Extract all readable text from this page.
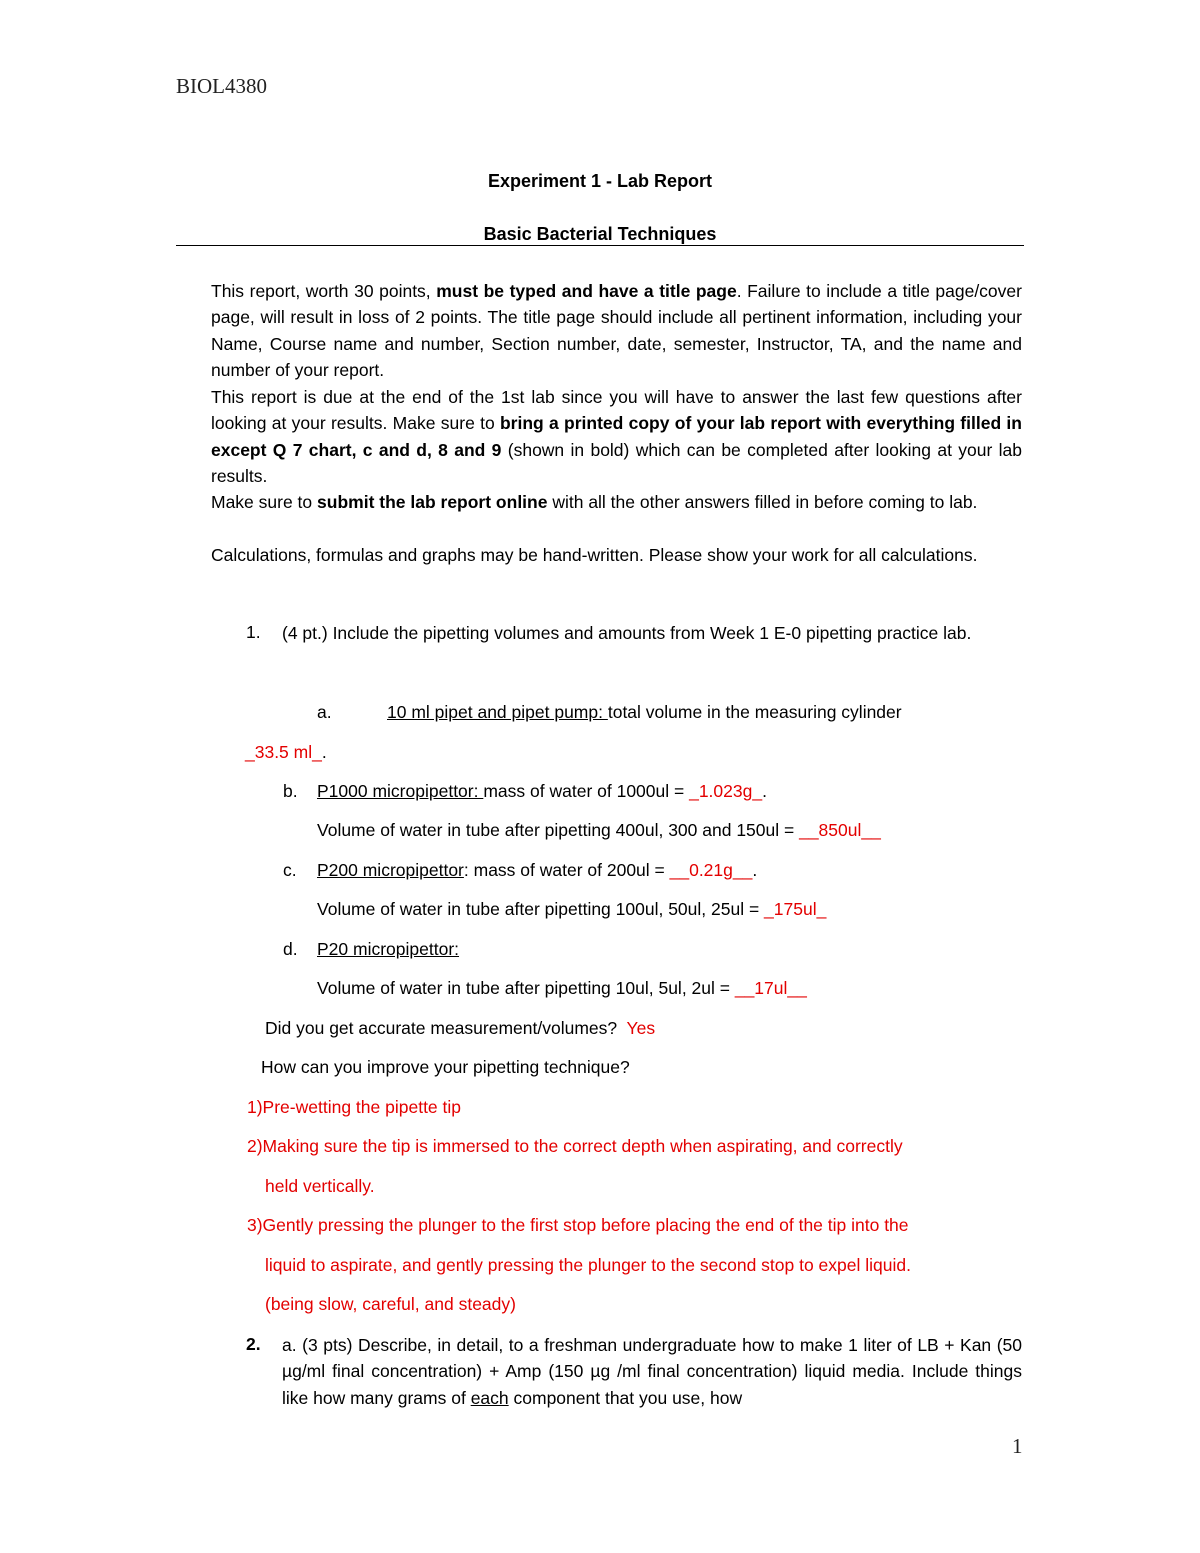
BIOL4380
Experiment 1 - Lab Report
Basic Bacterial Techniques
This report, worth 30 points, must be typed and have a title page. Failure to include a title page/cover page, will result in loss of 2 points. The title page should include all pertinent information, including your Name, Course name and number, Section number, date, semester, Instructor, TA, and the name and number of your report.
This report is due at the end of the 1st lab since you will have to answer the last few questions after looking at your results. Make sure to bring a printed copy of your lab report with everything filled in except Q 7 chart, c and d, 8 and 9 (shown in bold) which can be completed after looking at your lab results.
Make sure to submit the lab report online with all the other answers filled in before coming to lab.
Calculations, formulas and graphs may be hand-written. Please show your work for all calculations.
1. (4 pt.) Include the pipetting volumes and amounts from Week 1 E-0 pipetting practice lab.
a.	10 ml pipet and pipet pump: total volume in the measuring cylinder
_33.5 ml_.
b. P1000 micropipettor: mass of water of 1000ul = _1.023g_.
Volume of water in tube after pipetting 400ul, 300 and 150ul = __850ul__
c. P200 micropipettor: mass of water of 200ul = __0.21g__.
Volume of water in tube after pipetting 100ul, 50ul, 25ul = _175ul_
d. P20 micropipettor:
Volume of water in tube after pipetting 10ul, 5ul, 2ul = __17ul__
Did you get accurate measurement/volumes? Yes
How can you improve your pipetting technique?
1)Pre-wetting the pipette tip
2)Making sure the tip is immersed to the correct depth when aspirating, and correctly
held vertically.
3)Gently pressing the plunger to the first stop before placing the end of the tip into the
liquid to aspirate, and gently pressing the plunger to the second stop to expel liquid.
(being slow, careful, and steady)
2. a. (3 pts) Describe, in detail, to a freshman undergraduate how to make 1 liter of LB + Kan (50 µg/ml final concentration) + Amp (150 µg /ml final concentration) liquid media. Include things like how many grams of each component that you use, how
1
